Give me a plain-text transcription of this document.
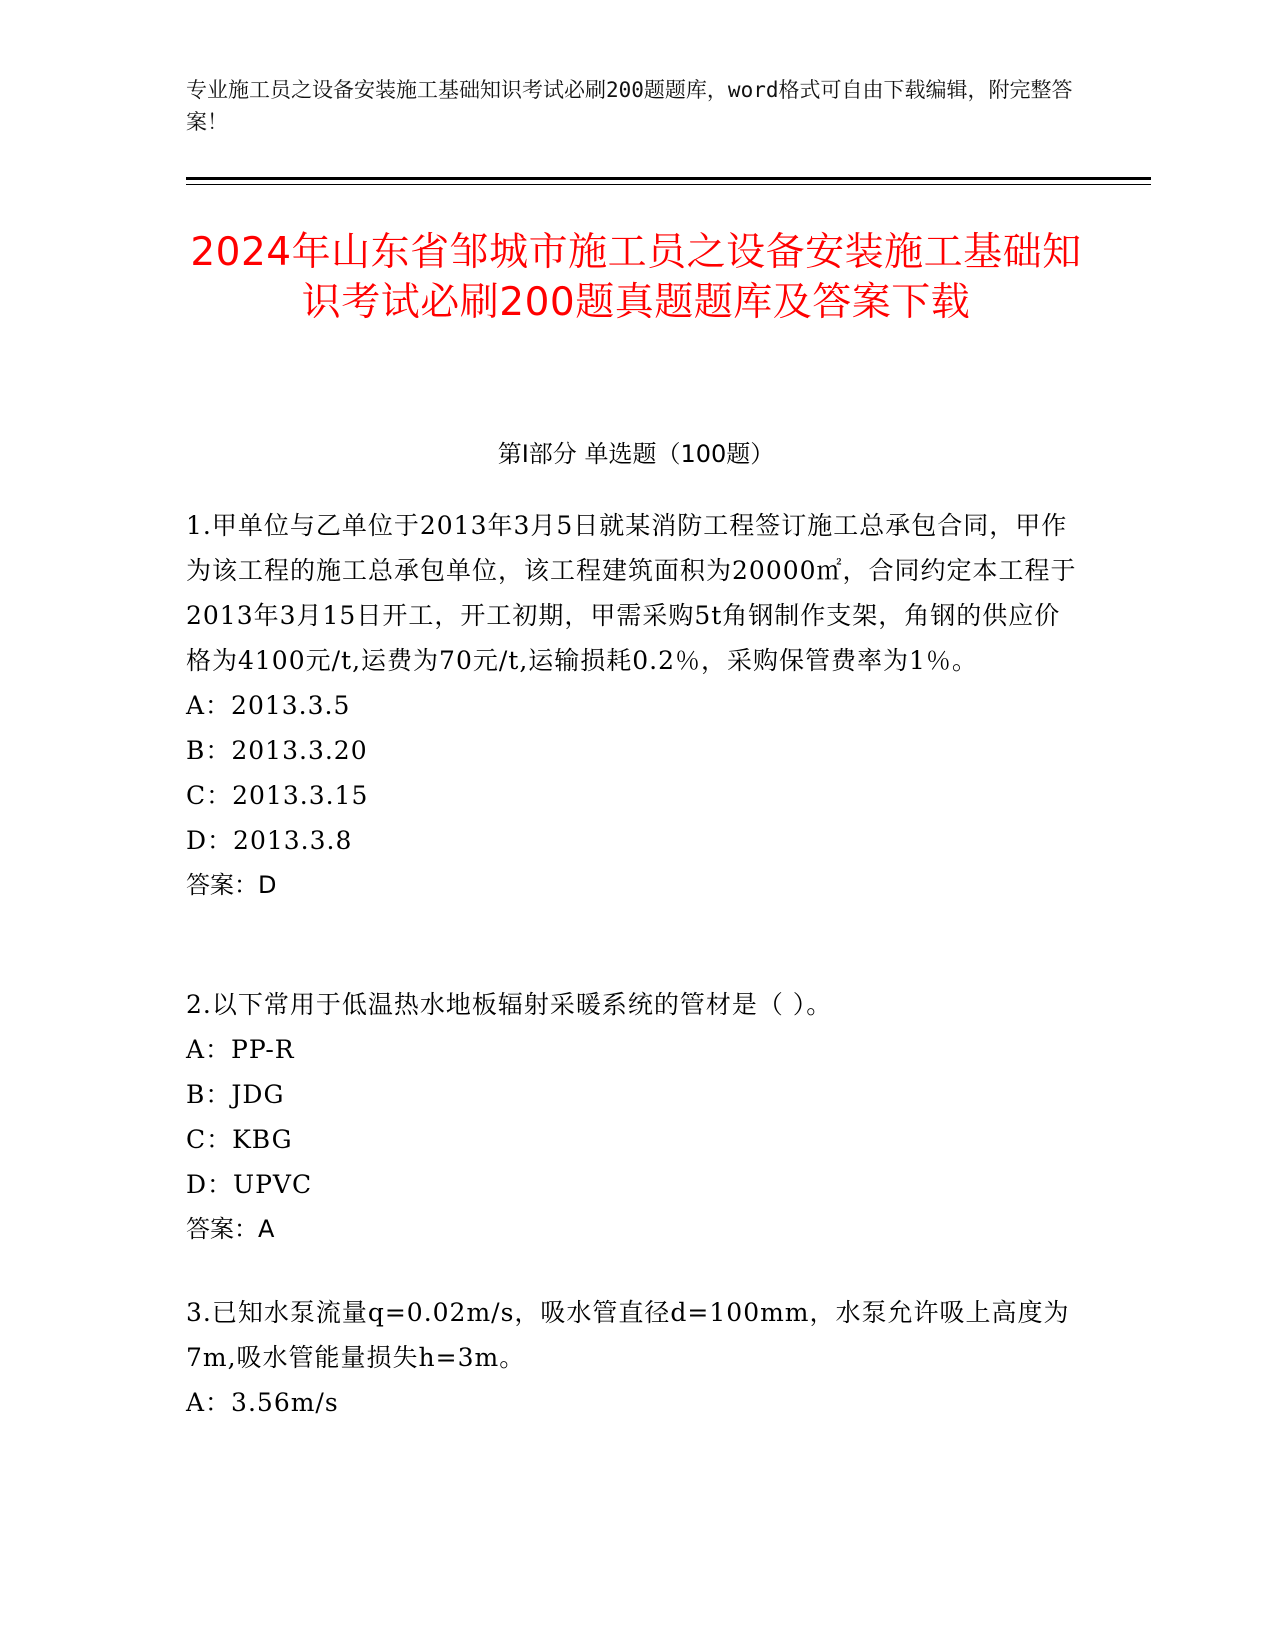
专业施工员之设备安装施工基础知识考试必刷200题题库，word格式可自由下载编辑，附完整答案！
2024年山东省邹城市施工员之设备安装施工基础知识考试必刷200题真题题库及答案下载
第I部分 单选题（100题）
1.甲单位与乙单位于2013年3月5日就某消防工程签订施工总承包合同，甲作为该工程的施工总承包单位，该工程建筑面积为20000㎡，合同约定本工程于2013年3月15日开工，开工初期，甲需采购5t角钢制作支架，角钢的供应价格为4100元/t,运费为70元/t,运输损耗0.2％，采购保管费率为1％。
A：2013.3.5
B：2013.3.20
C：2013.3.15
D：2013.3.8
答案：D
2.以下常用于低温热水地板辐射采暖系统的管材是（ ）。
A：PP-R
B：JDG
C：KBG
D：UPVC
答案：A
3.已知水泵流量q=0.02m/s，吸水管直径d=100mm，水泵允许吸上高度为7m,吸水管能量损失h=3m。
A：3.56m/s
